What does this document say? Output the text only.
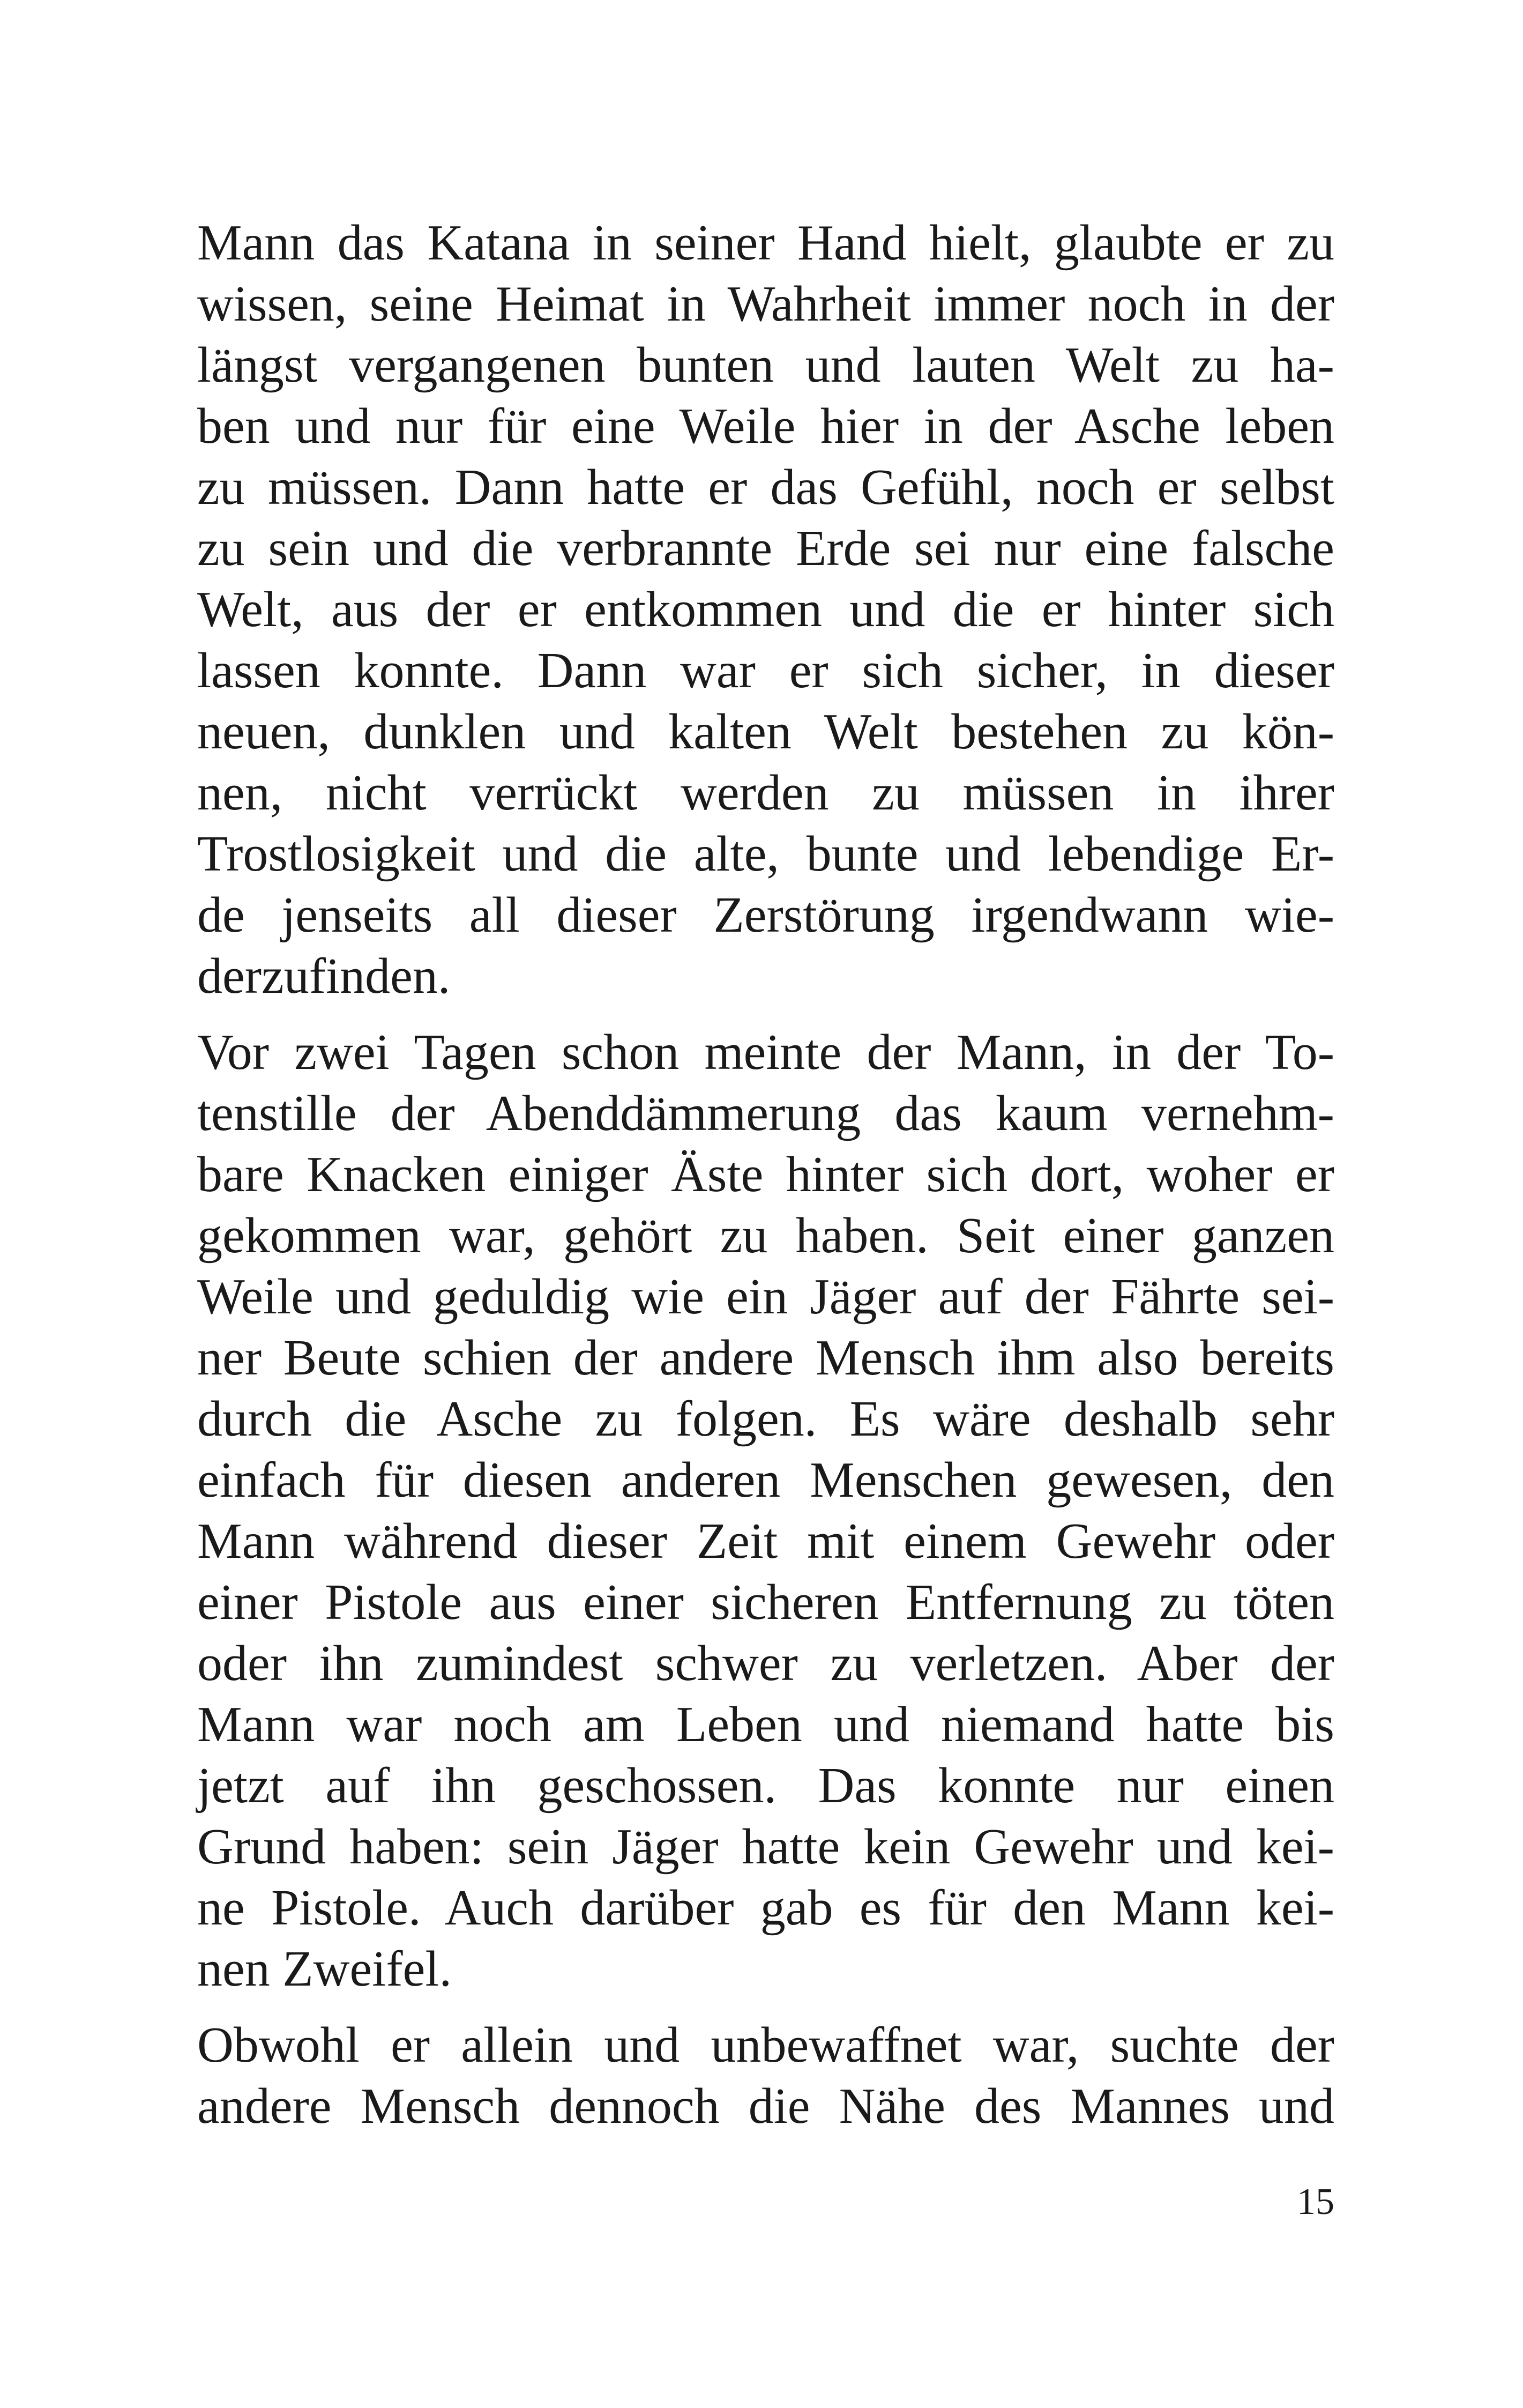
Mann das Katana in seiner Hand hielt, glaubte er zu
wissen, seine Heimat in Wahrheit immer noch in der
längst vergangenen bunten und lauten Welt zu ha-
ben und nur für eine Weile hier in der Asche leben
zu müssen. Dann hatte er das Gefühl, noch er selbst
zu sein und die verbrannte Erde sei nur eine falsche
Welt, aus der er entkommen und die er hinter sich
lassen konnte. Dann war er sich sicher, in dieser
neuen, dunklen und kalten Welt bestehen zu kön-
nen, nicht verrückt werden zu müssen in ihrer
Trostlosigkeit und die alte, bunte und lebendige Er-
de jenseits all dieser Zerstörung irgendwann wie-
derzufinden.

Vor zwei Tagen schon meinte der Mann, in der To-
tenstille der Abenddämmerung das kaum vernehm-
bare Knacken einiger Äste hinter sich dort, woher er
gekommen war, gehört zu haben. Seit einer ganzen
Weile und geduldig wie ein Jäger auf der Fährte sei-
ner Beute schien der andere Mensch ihm also bereits
durch die Asche zu folgen. Es wäre deshalb sehr
einfach für diesen anderen Menschen gewesen, den
Mann während dieser Zeit mit einem Gewehr oder
einer Pistole aus einer sicheren Entfernung zu töten
oder ihn zumindest schwer zu verletzen. Aber der
Mann war noch am Leben und niemand hatte bis
jetzt auf ihn geschossen. Das konnte nur einen
Grund haben: sein Jäger hatte kein Gewehr und kei-
ne Pistole. Auch darüber gab es für den Mann kei-
nen Zweifel.

Obwohl er allein und unbewaffnet war, suchte der
andere Mensch dennoch die Nähe des Mannes und

15
